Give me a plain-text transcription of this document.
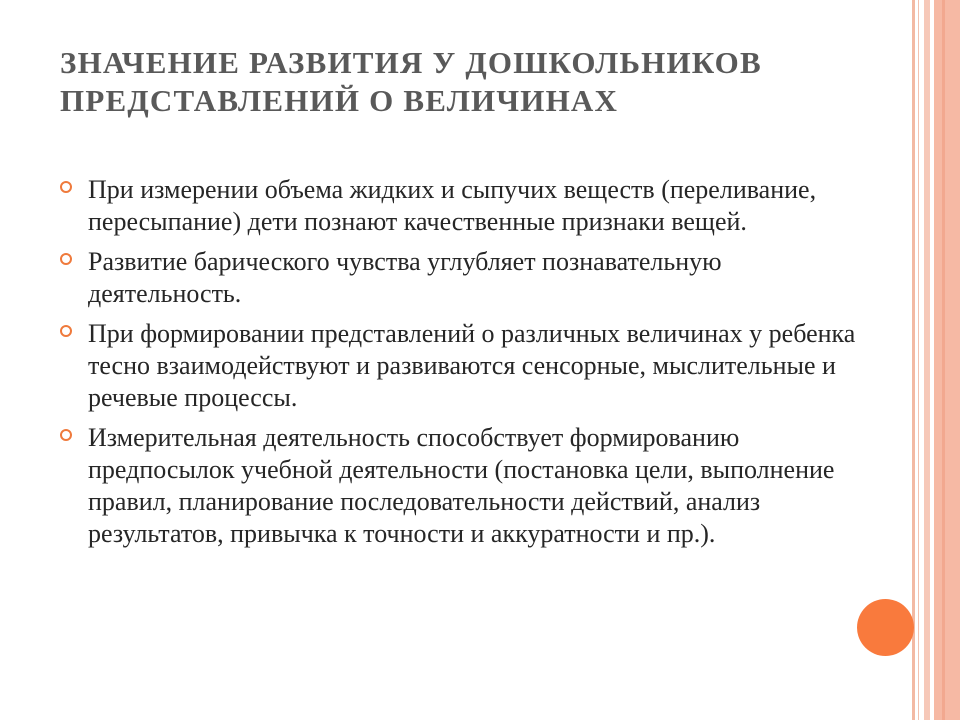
ЗНАЧЕНИЕ РАЗВИТИЯ У ДОШКОЛЬНИКОВ
ПРЕДСТАВЛЕНИЙ О ВЕЛИЧИНАХ
При измерении объема жидких и сыпучих веществ (переливание, пересыпание) дети познают качественные признаки вещей.
Развитие барического чувства углубляет познавательную деятельность.
При формировании представлений о различных величинах у ребенка тесно взаимодействуют и развиваются сенсорные, мыслительные и речевые процессы.
Измерительная деятельность способствует формированию предпосылок учебной деятельности (постановка цели, выполнение правил, планирование последовательности действий, анализ результатов, привычка к точности и аккуратности и пр.).
